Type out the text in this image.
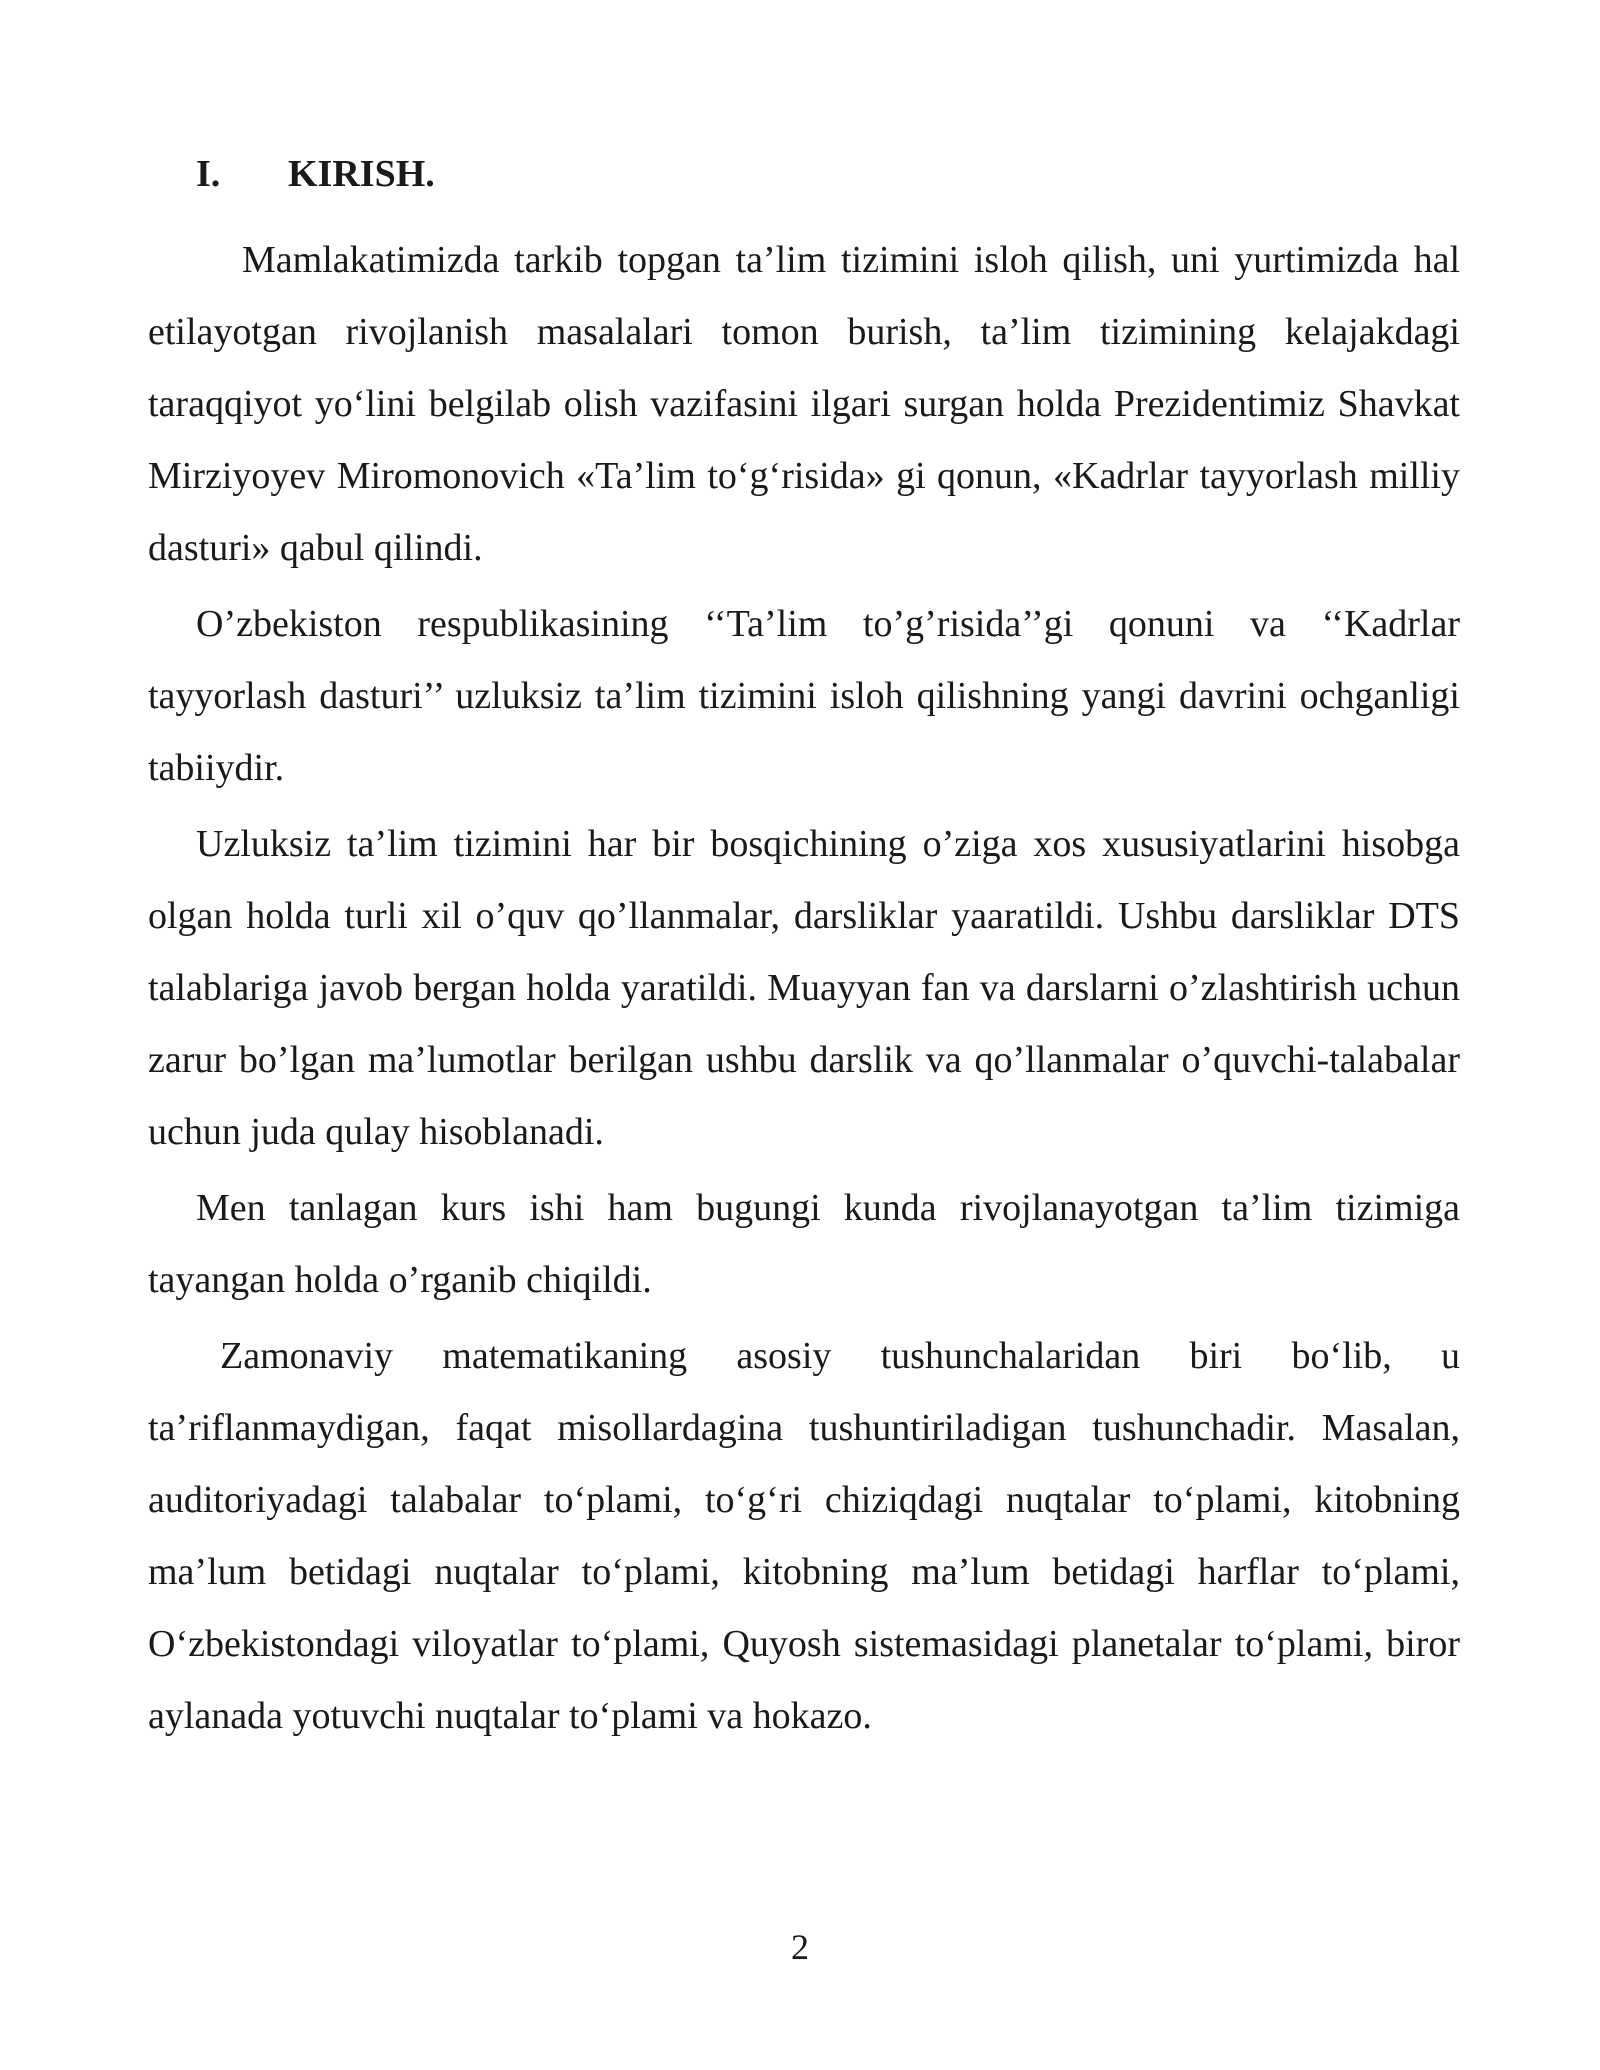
I.	KIRISH.

Mamlakatimizda tarkib topgan ta’lim tizimini isloh qilish, uni yurtimizda hal etilayotgan rivojlanish masalalari tomon burish, ta’lim tizimining kelajakdagi taraqqiyot yo‘lini belgilab olish vazifasini ilgari surgan holda Prezidentimiz Shavkat Mirziyoyev Miromonovich «Ta’lim to‘g‘risida» gi qonun, «Kadrlar tayyorlash milliy dasturi» qabul qilindi.

O’zbekiston respublikasining ‘‘Ta’lim to’g’risida’’gi qonuni va ‘‘Kadrlar tayyorlash dasturi’’ uzluksiz ta’lim tizimini isloh qilishning yangi davrini ochganligi tabiiydir.

Uzluksiz ta’lim tizimini har bir bosqichining o’ziga xos xususiyatlarini hisobga olgan holda turli xil o’quv qo’llanmalar, darsliklar yaaratildi. Ushbu darsliklar DTS talablariga javob bergan holda yaratildi. Muayyan fan va darslarni o’zlashtirish uchun zarur bo’lgan ma’lumotlar berilgan ushbu darslik va qo’llanmalar o’quvchi-talabalar uchun juda qulay hisoblanadi.

Men tanlagan kurs ishi ham bugungi kunda rivojlanayotgan ta’lim tizimiga tayangan holda o’rganib chiqildi.

Zamonaviy matematikaning asosiy tushunchalaridan biri bo‘lib, u ta’riflanmaydigan, faqat misollardagina tushuntiriladigan tushunchadir. Masalan, auditoriyadagi talabalar to‘plami, to‘g‘ri chiziqdagi nuqtalar to‘plami, kitobning ma’lum betidagi nuqtalar to‘plami, kitobning ma’lum betidagi harflar to‘plami, O‘zbekistondagi viloyatlar to‘plami, Quyosh sistemasidagi planetalar to‘plami, biror aylanada yotuvchi nuqtalar to‘plami va hokazo.

2
